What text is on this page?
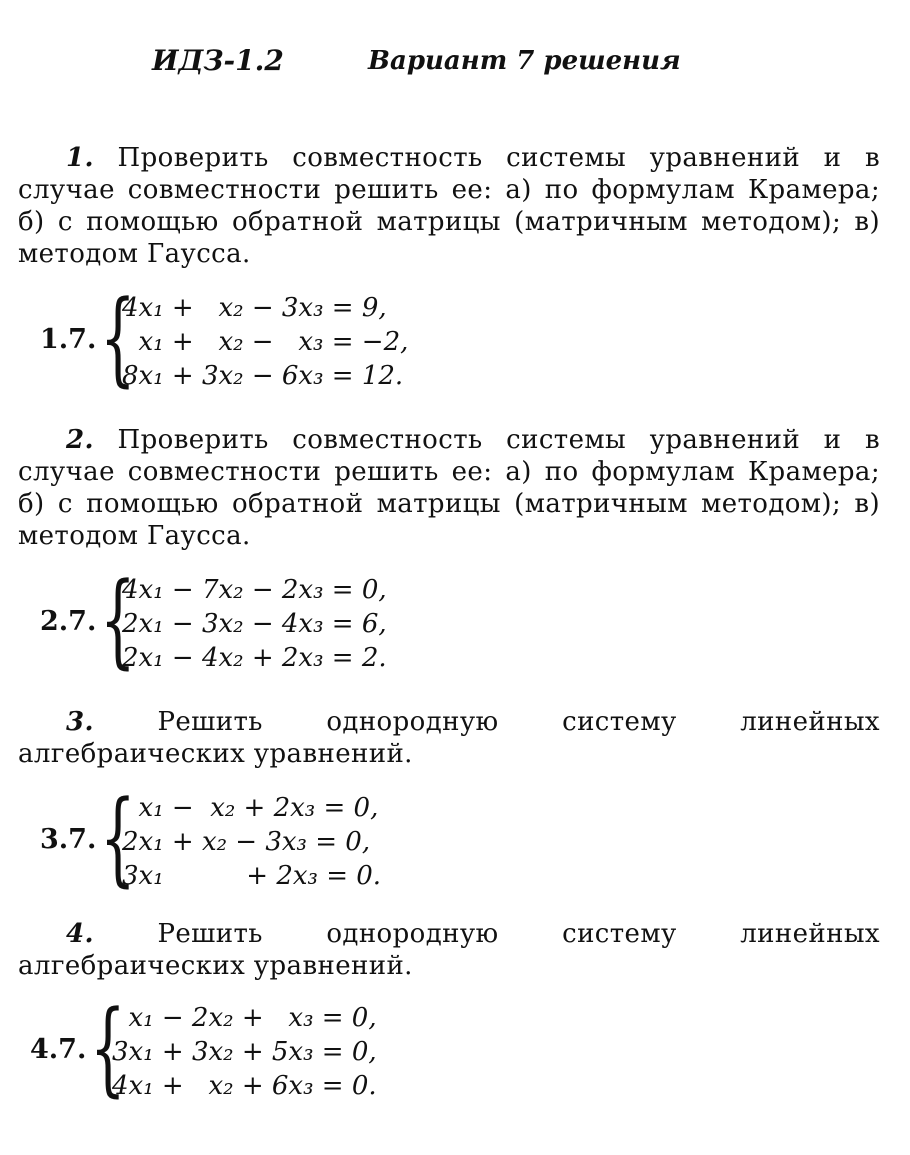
ИДЗ-1.2	Вариант 7 решения
1. Проверить совместность системы уравнений и в случае совместности решить ее: а) по формулам Крамера; б) с помощью обратной матрицы (матричным методом); в) методом Гаусса.
1.7. {
4x₁ +   x₂ − 3x₃ = 9,
x₁ +   x₂ −   x₃ = −2,
8x₁ + 3x₂ − 6x₃ = 12.
2. Проверить совместность системы уравнений и в случае совместности решить ее: а) по формулам Крамера; б) с помощью обратной матрицы (матричным методом); в) методом Гаусса.
2.7. {
4x₁ − 7x₂ − 2x₃ = 0,
2x₁ − 3x₂ − 4x₃ = 6,
2x₁ − 4x₂ + 2x₃ = 2.
3. Решить однородную систему линейных алгебраических уравнений.
3.7. {
x₁ −  x₂ + 2x₃ = 0,
2x₁ + x₂ − 3x₃ = 0,
3x₁          + 2x₃ = 0.
4. Решить однородную систему линейных алгебраических уравнений.
4.7. {
x₁ − 2x₂ +   x₃ = 0,
3x₁ + 3x₂ + 5x₃ = 0,
4x₁ +   x₂ + 6x₃ = 0.
